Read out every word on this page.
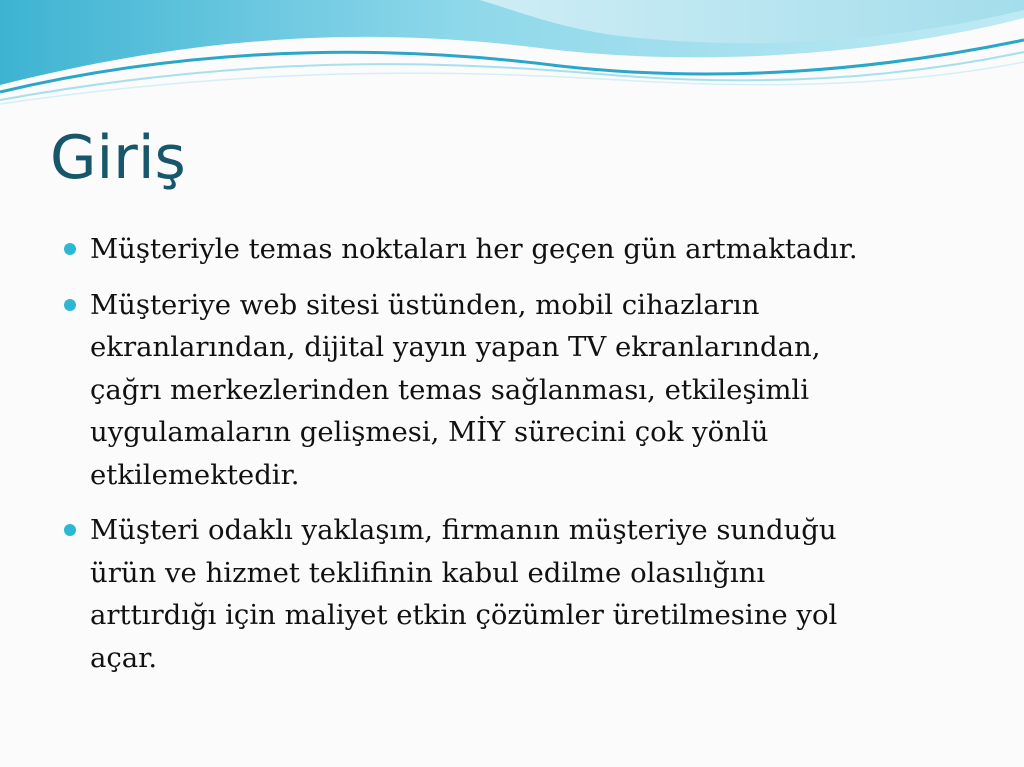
Giriş
Müşteriyle temas noktaları her geçen gün artmaktadır.
Müşteriye web sitesi üstünden, mobil cihazların
ekranlarından, dijital yayın yapan TV ekranlarından,
çağrı merkezlerinden temas sağlanması, etkileşimli
uygulamaların gelişmesi, MİY sürecini çok yönlü
etkilemektedir.
Müşteri odaklı yaklaşım, firmanın müşteriye sunduğu
ürün ve hizmet teklifinin kabul edilme olasılığını
arttırdığı için maliyet etkin çözümler üretilmesine yol
açar.
